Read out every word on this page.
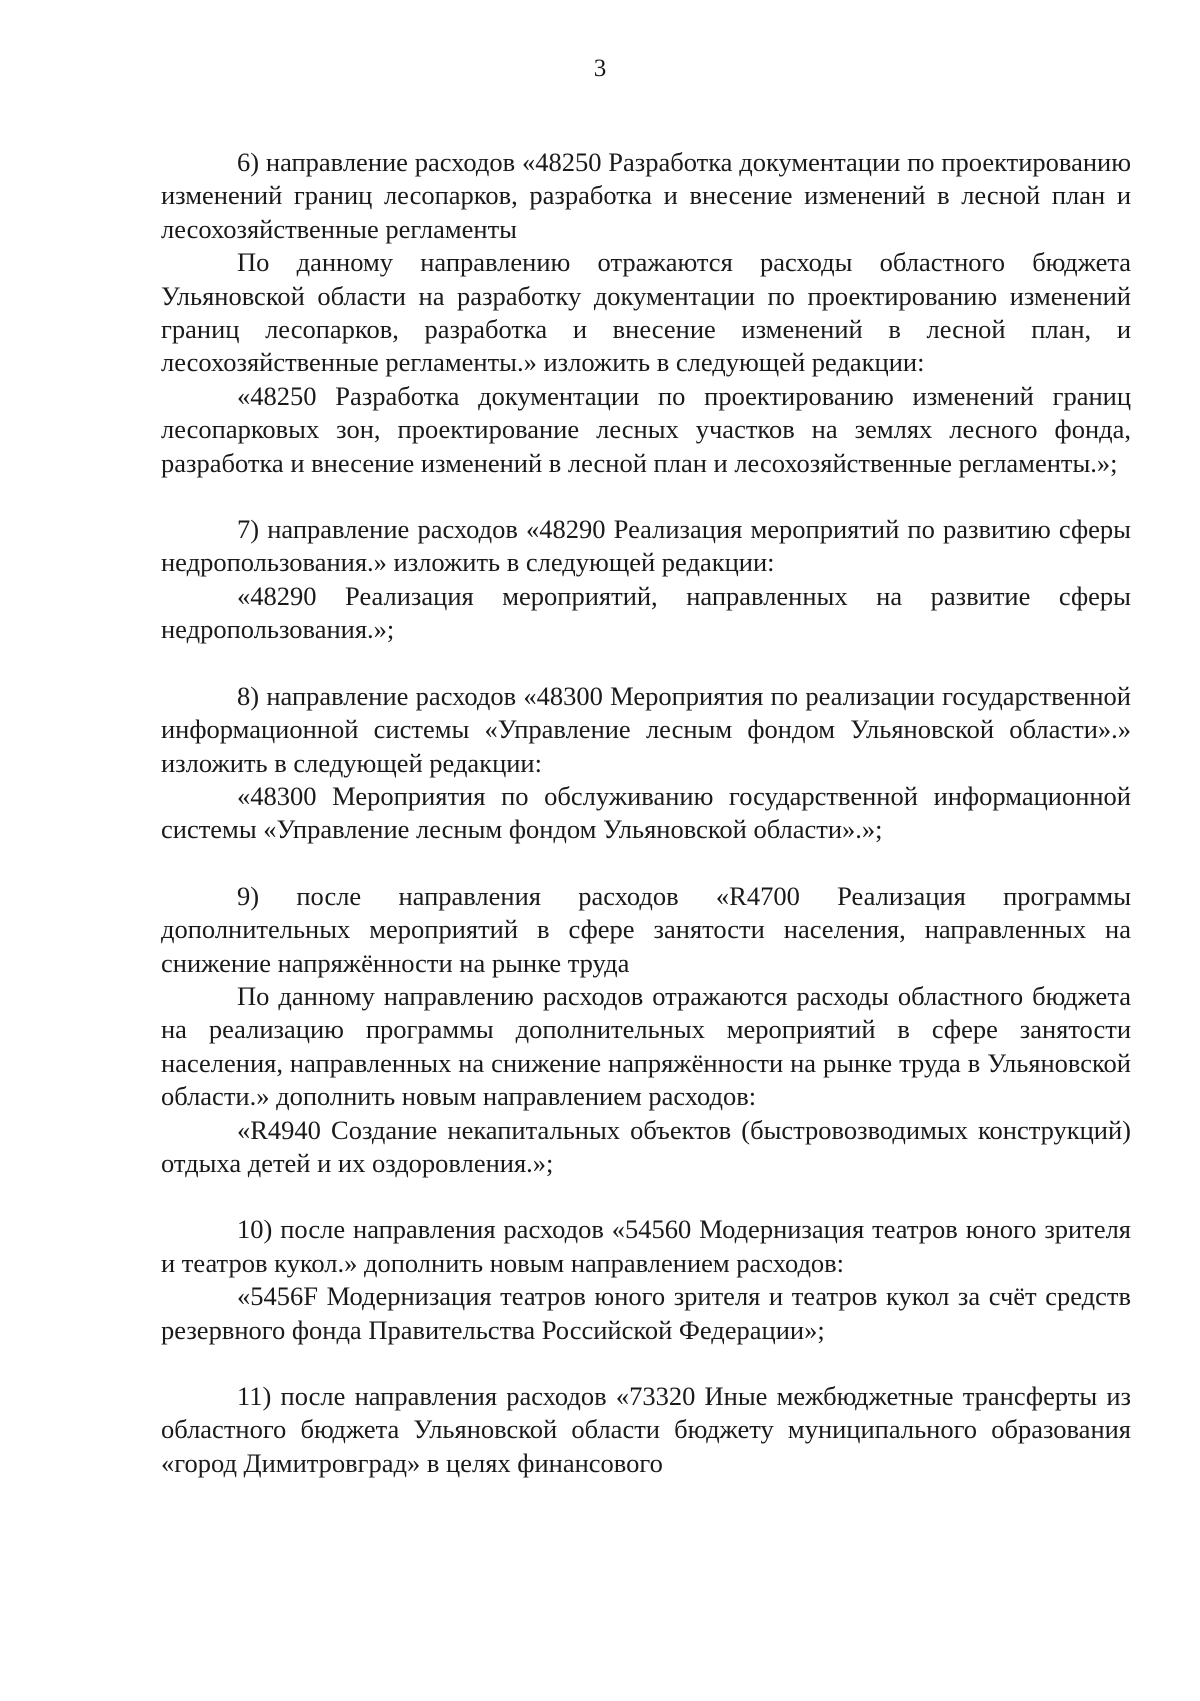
3

6) направление расходов «48250 Разработка документации по проектированию изменений границ лесопарков, разработка и внесение изменений в лесной план и лесохозяйственные регламенты

По данному направлению отражаются расходы областного бюджета Ульяновской области на разработку документации по проектированию изменений границ лесопарков, разработка и внесение изменений в лесной план, и лесохозяйственные регламенты.» изложить в следующей редакции:

«48250 Разработка документации по проектированию изменений границ лесопарковых зон, проектирование лесных участков на землях лесного фонда, разработка и внесение изменений в лесной план и лесохозяйственные регламенты.»;

7) направление расходов «48290 Реализация мероприятий по развитию сферы недропользования.» изложить в следующей редакции:

«48290 Реализация мероприятий, направленных на развитие сферы недропользования.»;

8) направление расходов «48300 Мероприятия по реализации государственной информационной системы «Управление лесным фондом Ульяновской области».» изложить в следующей редакции:

«48300 Мероприятия по обслуживанию государственной информационной системы «Управление лесным фондом Ульяновской области».»;

9) после направления расходов «R4700 Реализация программы дополнительных мероприятий в сфере занятости населения, направленных на снижение напряжённости на рынке труда

По данному направлению расходов отражаются расходы областного бюджета на реализацию программы дополнительных мероприятий в сфере занятости населения, направленных на снижение напряжённости на рынке труда в Ульяновской области.» дополнить новым направлением расходов:

«R4940 Создание некапитальных объектов (быстровозводимых конструкций) отдыха детей и их оздоровления.»;

10) после направления расходов «54560 Модернизация театров юного зрителя и театров кукол.» дополнить новым направлением расходов:

«5456F Модернизация театров юного зрителя и театров кукол за счёт средств резервного фонда Правительства Российской Федерации»;

11) после направления расходов «73320 Иные межбюджетные трансферты из областного бюджета Ульяновской области бюджету муниципального образования «город Димитровград» в целях финансового
